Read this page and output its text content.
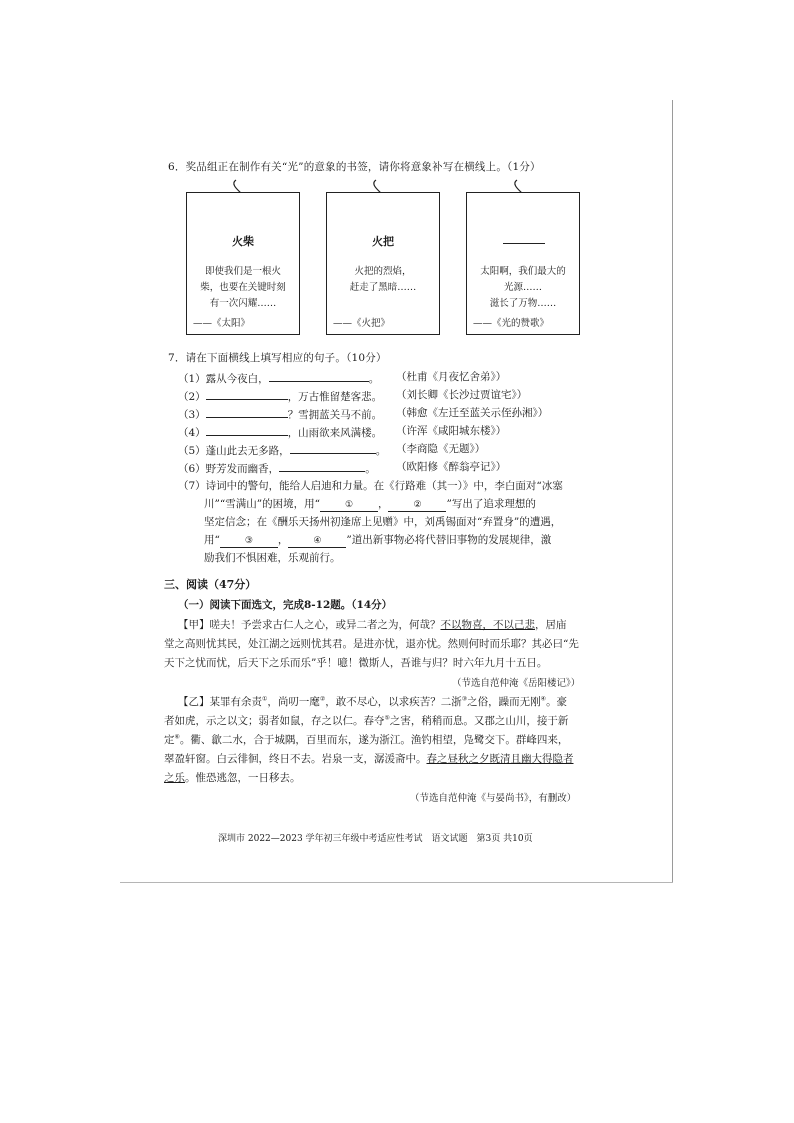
6．奖品组正在制作有关“光”的意象的书签，请你将意象补写在横线上。（1分）
火柴
即使我们是一根火
柴，也要在关键时刻
有一次闪耀……
——《太阳》
火把
火把的烈焰，
赶走了黑暗……
——《火把》
太阳啊，我们最大的
光源……
滋长了万物……
——《光的赞歌》
7．请在下面横线上填写相应的句子。（10分）
（1）露从今夜白，	。 （杜甫《月夜忆舍弟》）
（2）	，万古惟留楚客悲。 （刘长卿《长沙过贾谊宅》）
（3）	？雪拥蓝关马不前。 （韩愈《左迁至蓝关示侄孙湘》）
（4）	，山雨欲来风满楼。 （许浑《咸阳城东楼》）
（5）蓬山此去无多路，	。 （李商隐《无题》）
（6）野芳发而幽香，	。 （欧阳修《醉翁亭记》）
（7）诗词中的警句，能给人启迪和力量。在《行路难（其一）》中，李白面对“冰塞
川”“雪满山”的困境，用“	① ，	② ”写出了追求理想的
坚定信念；在《酬乐天扬州初逢席上见赠》中，刘禹锡面对“弃置身”的遭遇，
用“	③ ，	④ ”道出新事物必将代替旧事物的发展规律，激
励我们不惧困难，乐观前行。
三、阅读（47分）
（一）阅读下面选文，完成8-12题。（14分）
【甲】嗟夫！予尝求古仁人之心，或异二者之为，何哉？不以物喜，不以己悲，居庙
堂之高则忧其民，处江湖之远则忧其君。是进亦忧，退亦忧。然则何时而乐耶？其必曰“先
天下之忧而忧，后天下之乐而乐”乎！噫！微斯人，吾谁与归？时六年九月十五日。
（节选自范仲淹《岳阳楼记》）
【乙】某罪有余责①，尚叨一麾②，敢不尽心，以求疾苦？二浙③之俗，躁而无刚④。豪
者如虎，示之以文；弱者如鼠，存之以仁。春夺⑤之害，稍稍而息。又郡之山川，接于新
定⑥。衢、歙二水，合于城隅，百里而东，遂为浙江。渔钓相望，凫鹭交下。群峰四来，
翠盈轩窗。白云徘徊，终日不去。岩泉一支，潺湲斋中。春之昼秋之夕既清且幽大得隐者
之乐。惟恐逃忽，一日移去。
（节选自范仲淹《与晏尚书》，有删改）
深圳市 2022—2023 学年初三年级中考适应性考试　语文试题　第3页 共10页
